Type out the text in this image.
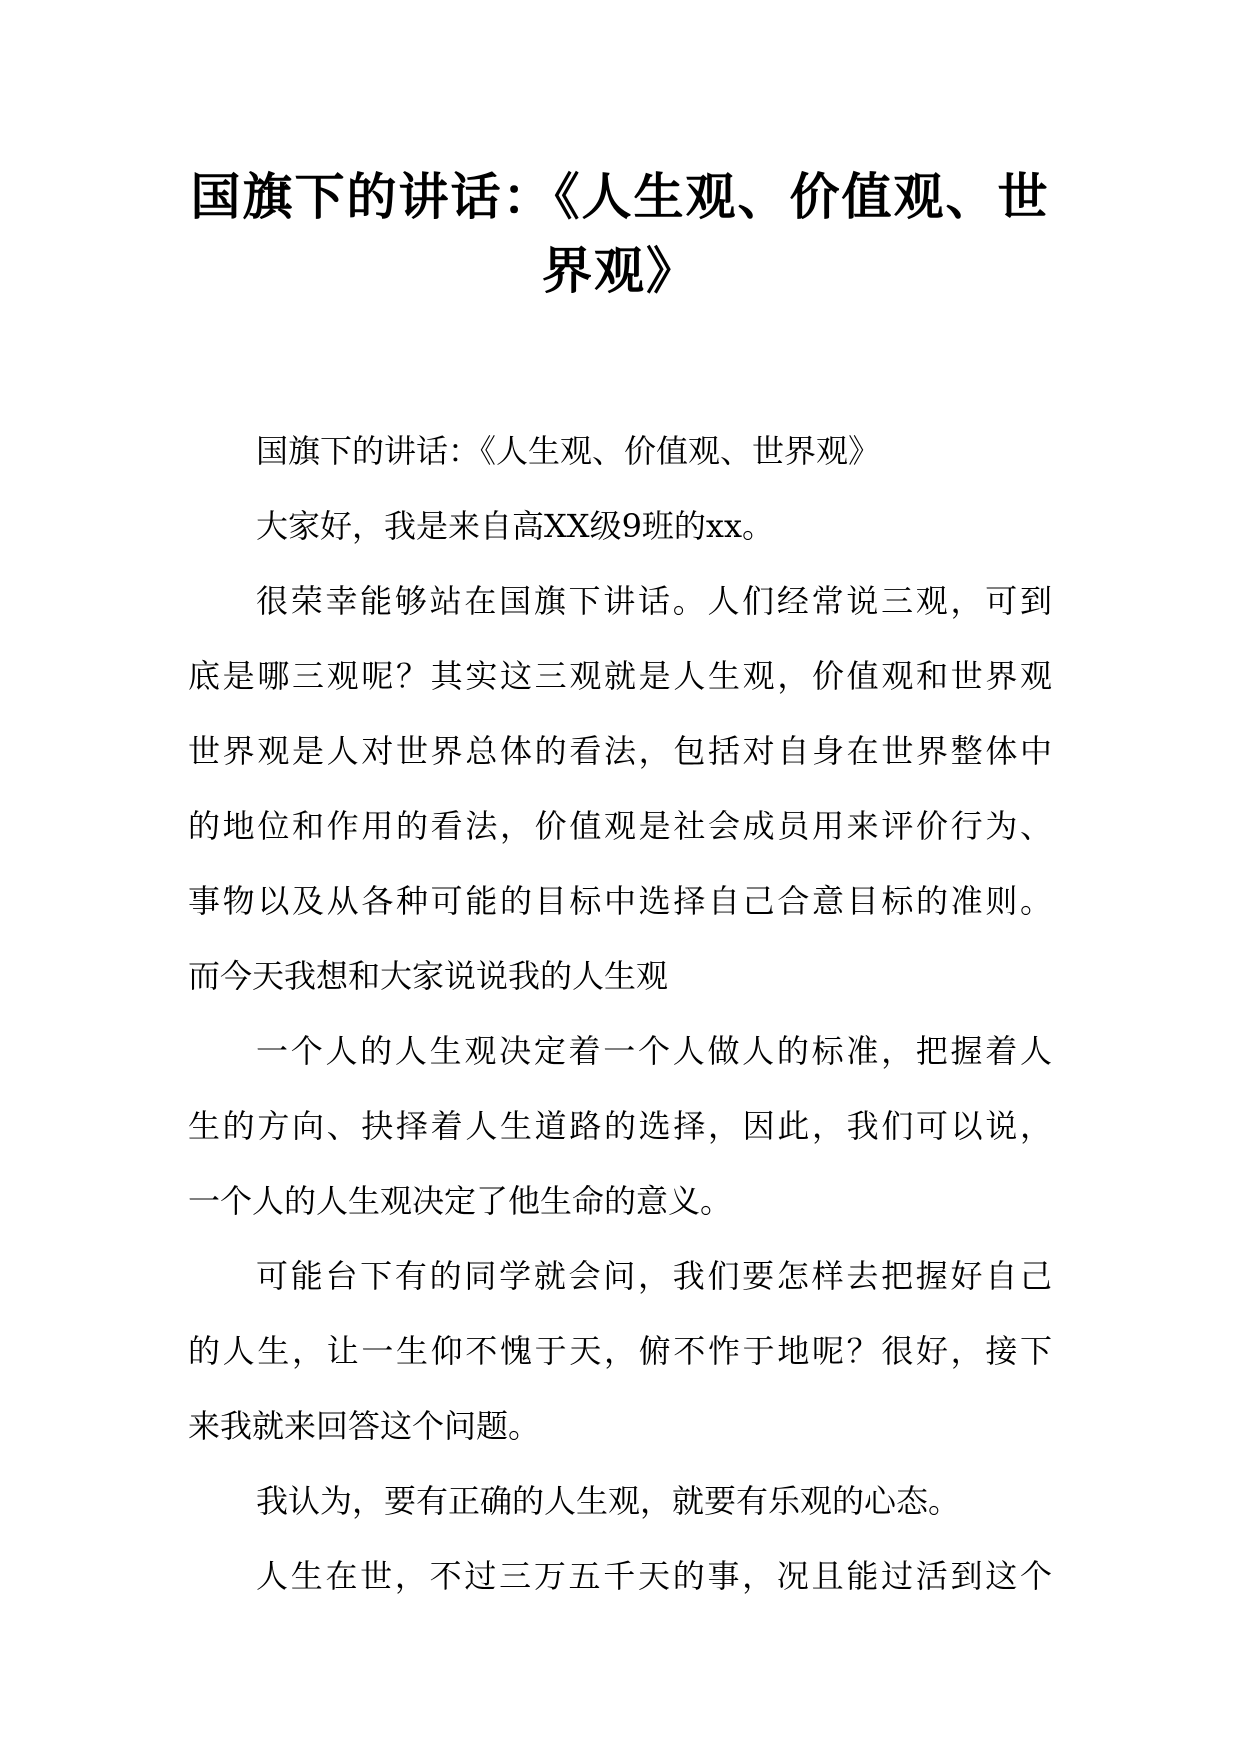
国旗下的讲话：《人生观、价值观、世
界观》
国旗下的讲话：《人生观、价值观、世界观》
大家好，我是来自高XX级9班的xx。
很荣幸能够站在国旗下讲话。人们经常说三观，可到
底是哪三观呢？其实这三观就是人生观，价值观和世界观
世界观是人对世界总体的看法，包括对自身在世界整体中
的地位和作用的看法，价值观是社会成员用来评价行为、
事物以及从各种可能的目标中选择自己合意目标的准则。
而今天我想和大家说说我的人生观
一个人的人生观决定着一个人做人的标准，把握着人
生的方向、抉择着人生道路的选择，因此，我们可以说，
一个人的人生观决定了他生命的意义。
可能台下有的同学就会问，我们要怎样去把握好自己
的人生，让一生仰不愧于天，俯不怍于地呢？很好，接下
来我就来回答这个问题。
我认为，要有正确的人生观，就要有乐观的心态。
人生在世，不过三万五千天的事，况且能过活到这个
